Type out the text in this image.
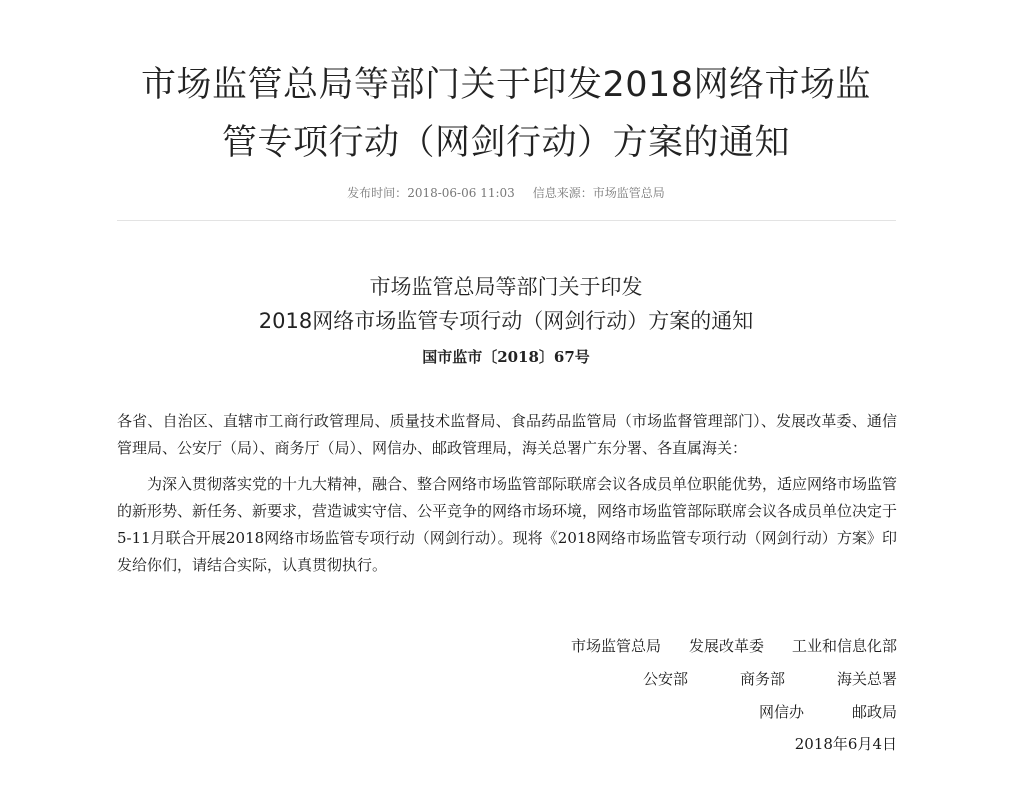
市场监管总局等部门关于印发2018网络市场监
管专项行动（网剑行动）方案的通知
发布时间：2018-06-06 11:03 信息来源：市场监管总局
市场监管总局等部门关于印发
2018网络市场监管专项行动（网剑行动）方案的通知
国市监市〔2018〕67号
各省、自治区、直辖市工商行政管理局、质量技术监督局、食品药品监管局（市场监督管理部门）、发展改革委、通信管理局、公安厅（局）、商务厅（局）、网信办、邮政管理局，海关总署广东分署、各直属海关：
为深入贯彻落实党的十九大精神，融合、整合网络市场监管部际联席会议各成员单位职能优势，适应网络市场监管的新形势、新任务、新要求，营造诚实守信、公平竞争的网络市场环境，网络市场监管部际联席会议各成员单位决定于5-11月联合开展2018网络市场监管专项行动（网剑行动）。现将《2018网络市场监管专项行动（网剑行动）方案》印发给你们，请结合实际，认真贯彻执行。
市场监管总局 发展改革委 工业和信息化部
公安部	商务部	海关总署
网信办	邮政局
2018年6月4日
